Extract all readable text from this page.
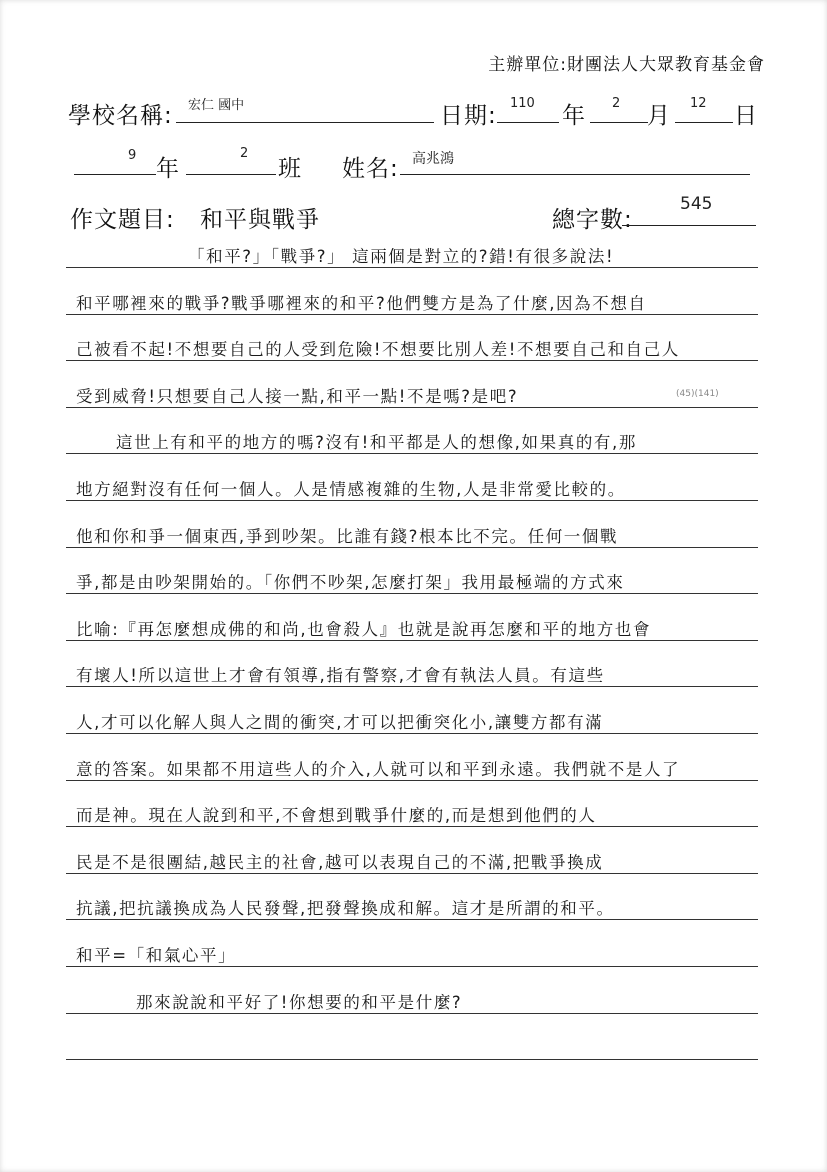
主辦單位:財團法人大眾教育基金會
學校名稱: 宏仁 國中	日期: 110 年 2 月 12 日
9
年
2
班 姓名: 高兆鴻
作文題目: 和平與戰爭	總字數:
545
「和平?」「戰爭?」 這兩個是對立的?錯!有很多說法!
和平哪裡來的戰爭?戰爭哪裡來的和平?他們雙方是為了什麼,因為不想自
己被看不起!不想要自己的人受到危險!不想要比別人差!不想要自己和自己人
受到威脅!只想要自己人接一點,和平一點!不是嗎?是吧?	(45)(141)
這世上有和平的地方的嗎?沒有!和平都是人的想像,如果真的有,那
地方絕對沒有任何一個人。人是情感複雜的生物,人是非常愛比較的。
他和你和爭一個東西,爭到吵架。比誰有錢?根本比不完。任何一個戰
爭,都是由吵架開始的。「你們不吵架,怎麼打架」我用最極端的方式來
比喻:『再怎麼想成佛的和尚,也會殺人』也就是說再怎麼和平的地方也會
有壞人!所以這世上才會有領導,指有警察,才會有執法人員。有這些
人,才可以化解人與人之間的衝突,才可以把衝突化小,讓雙方都有滿
意的答案。如果都不用這些人的介入,人就可以和平到永遠。我們就不是人了
而是神。現在人說到和平,不會想到戰爭什麼的,而是想到他們的人
民是不是很團結,越民主的社會,越可以表現自己的不滿,把戰爭換成
抗議,把抗議換成為人民發聲,把發聲換成和解。這才是所謂的和平。
和平=「和氣心平」
那來說說和平好了!你想要的和平是什麼?
